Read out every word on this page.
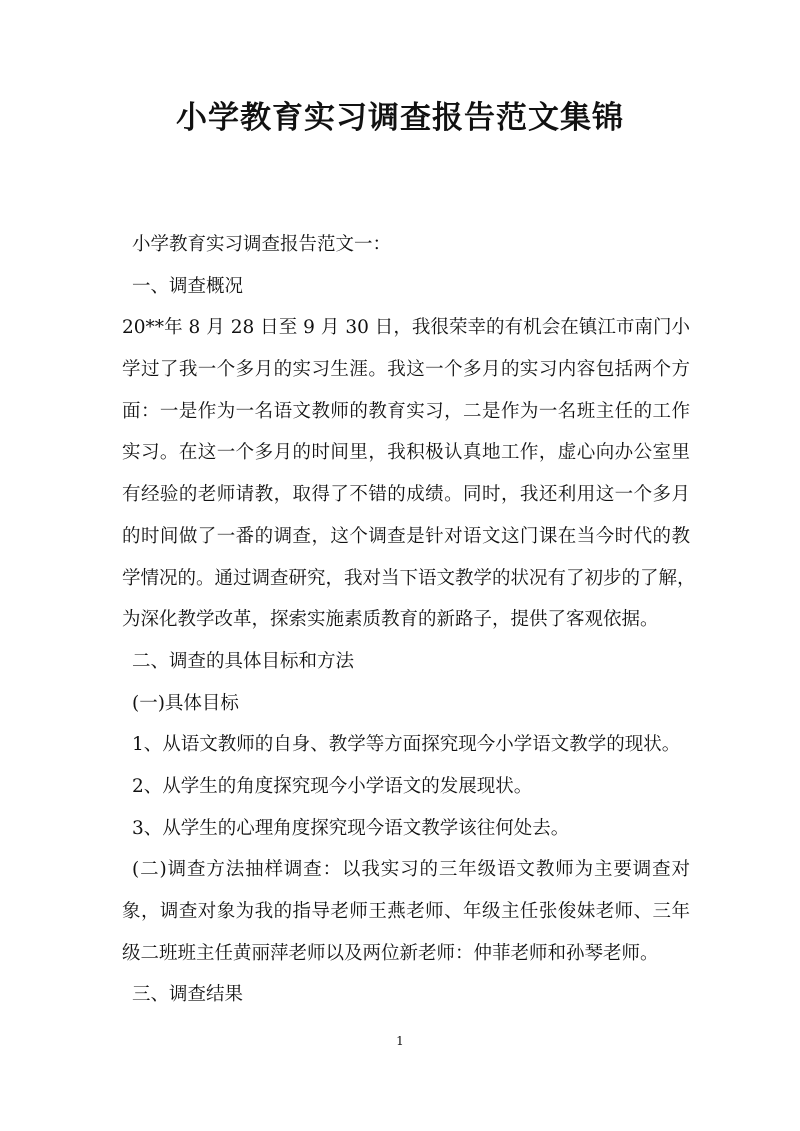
小学教育实习调查报告范文集锦
小学教育实习调查报告范文一：
一、调查概况
20**年 8 月 28 日至 9 月 30 日，我很荣幸的有机会在镇江市南门小
学过了我一个多月的实习生涯。我这一个多月的实习内容包括两个方
面：一是作为一名语文教师的教育实习，二是作为一名班主任的工作
实习。在这一个多月的时间里，我积极认真地工作，虚心向办公室里
有经验的老师请教，取得了不错的成绩。同时，我还利用这一个多月
的时间做了一番的调查，这个调查是针对语文这门课在当今时代的教
学情况的。通过调查研究，我对当下语文教学的状况有了初步的了解，
为深化教学改革，探索实施素质教育的新路子，提供了客观依据。
二、调查的具体目标和方法
(一)具体目标
1、从语文教师的自身、教学等方面探究现今小学语文教学的现状。
2、从学生的角度探究现今小学语文的发展现状。
3、从学生的心理角度探究现今语文教学该往何处去。
(二)调查方法抽样调查：以我实习的三年级语文教师为主要调查对
象，调查对象为我的指导老师王燕老师、年级主任张俊妹老师、三年
级二班班主任黄丽萍老师以及两位新老师：仲菲老师和孙琴老师。
三、调查结果
1
